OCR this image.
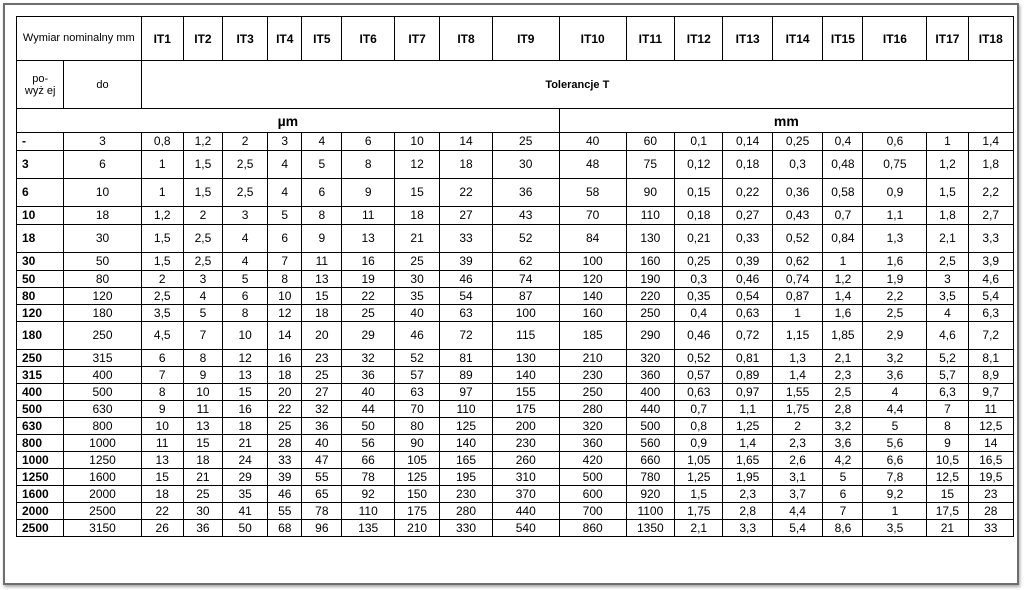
Wymiar nominalny mm		IT1	IT2	IT3	IT4	IT5	IT6	IT7	IT8	IT9	IT10	IT11	IT12	IT13	IT14	IT15	IT16	IT17	IT18
po- wyż ej	do	Tolerancje T																	
µm											mm								
-	3	0,8	1,2	2	3	4	6	10	14	25	40	60	0,1	0,14	0,25	0,4	0,6	1	1,4
3	6	1	1,5	2,5	4	5	8	12	18	30	48	75	0,12	0,18	0,3	0,48	0,75	1,2	1,8
6	10	1	1,5	2,5	4	6	9	15	22	36	58	90	0,15	0,22	0,36	0,58	0,9	1,5	2,2
10	18	1,2	2	3	5	8	11	18	27	43	70	110	0,18	0,27	0,43	0,7	1,1	1,8	2,7
18	30	1,5	2,5	4	6	9	13	21	33	52	84	130	0,21	0,33	0,52	0,84	1,3	2,1	3,3
30	50	1,5	2,5	4	7	11	16	25	39	62	100	160	0,25	0,39	0,62	1	1,6	2,5	3,9
50	80	2	3	5	8	13	19	30	46	74	120	190	0,3	0,46	0,74	1,2	1,9	3	4,6
80	120	2,5	4	6	10	15	22	35	54	87	140	220	0,35	0,54	0,87	1,4	2,2	3,5	5,4
120	180	3,5	5	8	12	18	25	40	63	100	160	250	0,4	0,63	1	1,6	2,5	4	6,3
180	250	4,5	7	10	14	20	29	46	72	115	185	290	0,46	0,72	1,15	1,85	2,9	4,6	7,2
250	315	6	8	12	16	23	32	52	81	130	210	320	0,52	0,81	1,3	2,1	3,2	5,2	8,1
315	400	7	9	13	18	25	36	57	89	140	230	360	0,57	0,89	1,4	2,3	3,6	5,7	8,9
400	500	8	10	15	20	27	40	63	97	155	250	400	0,63	0,97	1,55	2,5	4	6,3	9,7
500	630	9	11	16	22	32	44	70	110	175	280	440	0,7	1,1	1,75	2,8	4,4	7	11
630	800	10	13	18	25	36	50	80	125	200	320	500	0,8	1,25	2	3,2	5	8	12,5
800	1000	11	15	21	28	40	56	90	140	230	360	560	0,9	1,4	2,3	3,6	5,6	9	14
1000	1250	13	18	24	33	47	66	105	165	260	420	660	1,05	1,65	2,6	4,2	6,6	10,5	16,5
1250	1600	15	21	29	39	55	78	125	195	310	500	780	1,25	1,95	3,1	5	7,8	12,5	19,5
1600	2000	18	25	35	46	65	92	150	230	370	600	920	1,5	2,3	3,7	6	9,2	15	23
2000	2500	22	30	41	55	78	110	175	280	440	700	1100	1,75	2,8	4,4	7	1	17,5	28
2500	3150	26	36	50	68	96	135	210	330	540	860	1350	2,1	3,3	5,4	8,6	3,5	21	33
